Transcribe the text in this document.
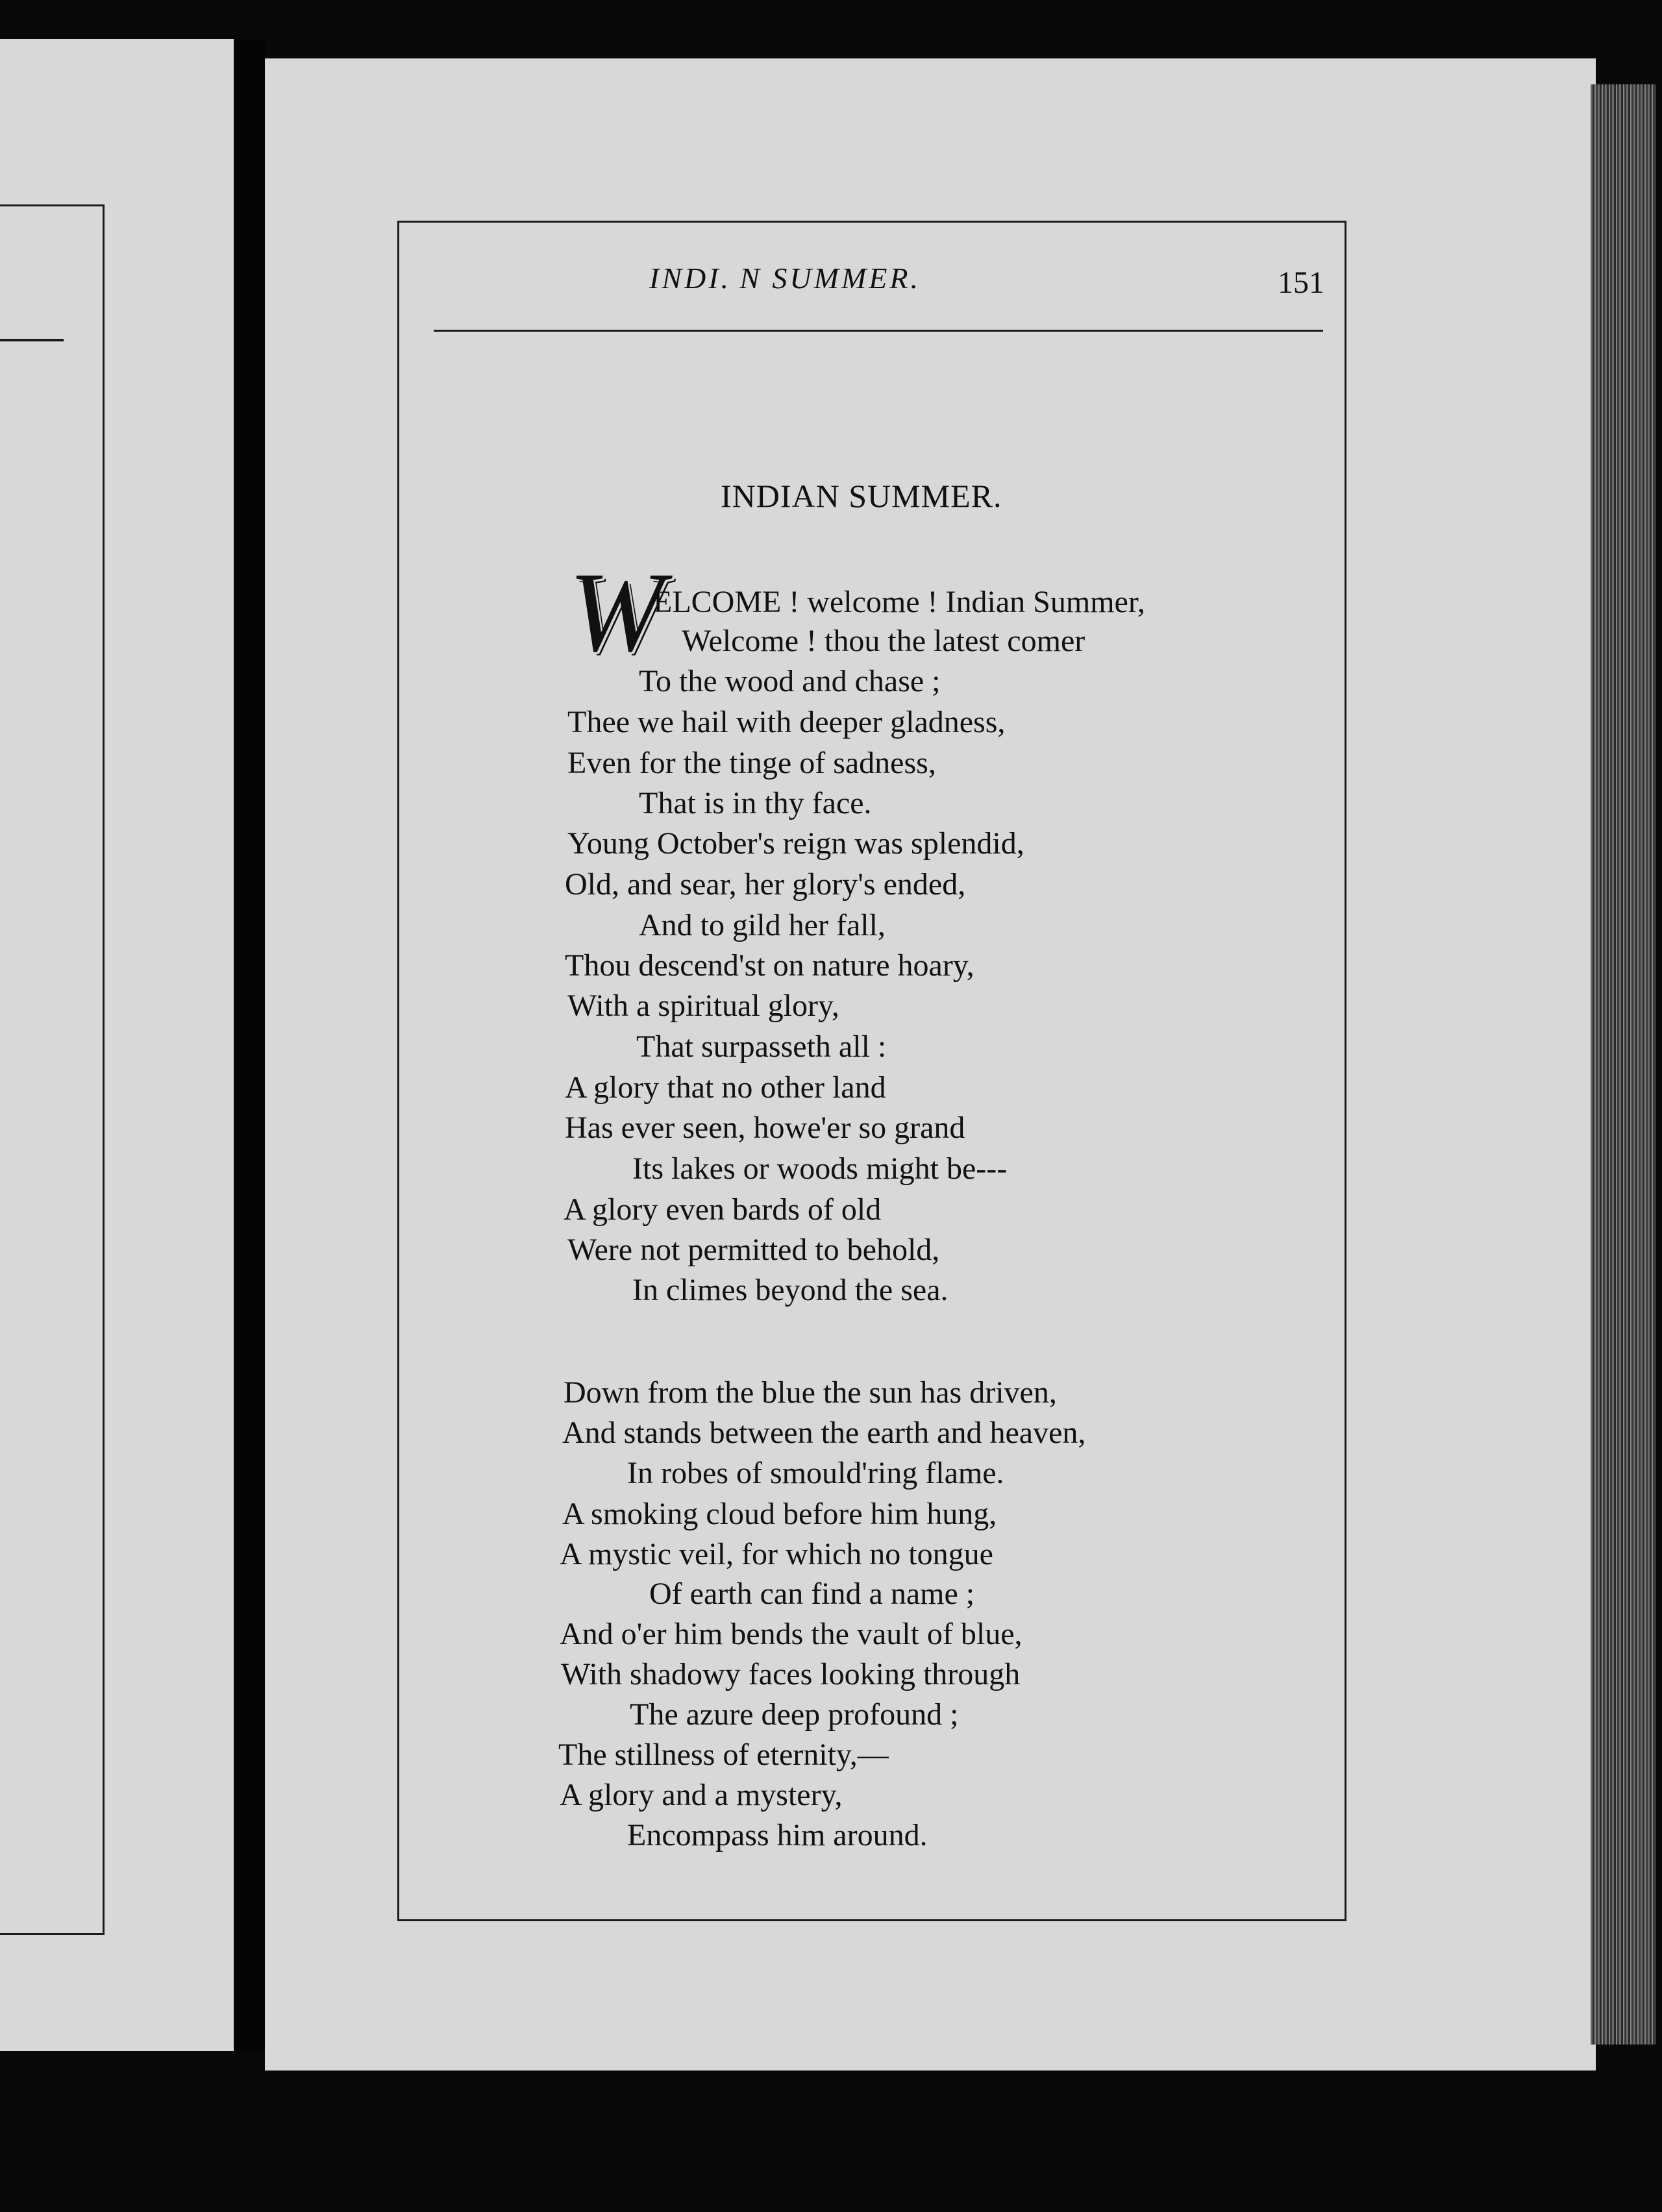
INDI. N SUMMER.	151
INDIAN SUMMER.
W
ELCOME ! welcome ! Indian Summer,
Welcome ! thou the latest comer
To the wood and chase ;
Thee we hail with deeper gladness,
Even for the tinge of sadness,
That is in thy face.
Young October's reign was splendid,
Old, and sear, her glory's ended,
And to gild her fall,
Thou descend'st on nature hoary,
With a spiritual glory,
That surpasseth all :
A glory that no other land
Has ever seen, howe'er so grand
Its lakes or woods might be---
A glory even bards of old
Were not permitted to behold,
In climes beyond the sea.
Down from the blue the sun has driven,
And stands between the earth and heaven,
In robes of smould'ring flame.
A smoking cloud before him hung,
A mystic veil, for which no tongue
Of earth can find a name ;
And o'er him bends the vault of blue,
With shadowy faces looking through
The azure deep profound ;
The stillness of eternity,—
A glory and a mystery,
Encompass him around.
